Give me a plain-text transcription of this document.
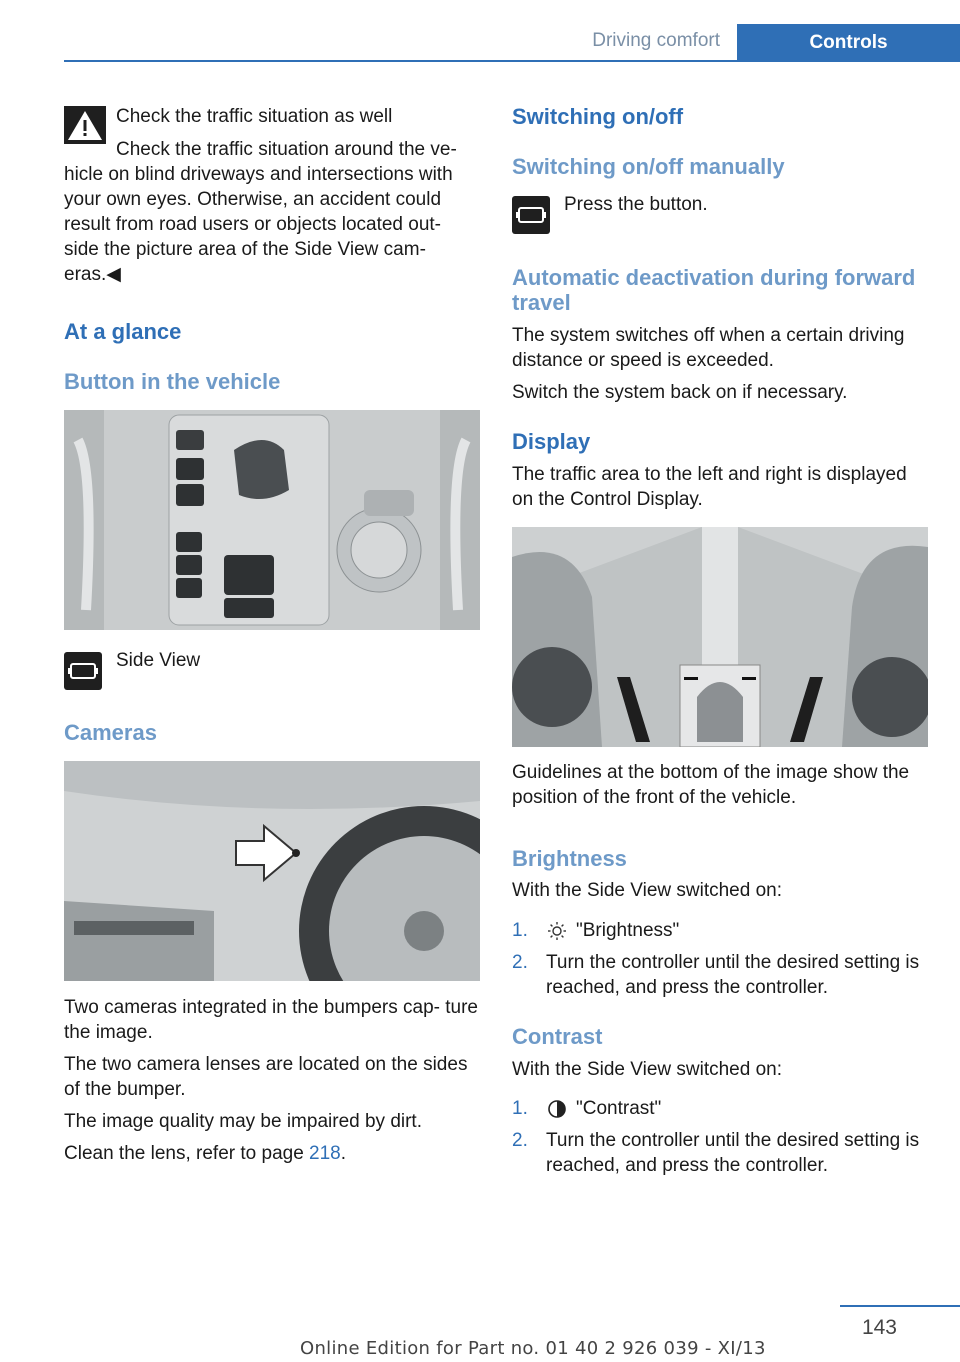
Driving comfort	Controls
Check the traffic situation as well
Check the traffic situation around the ve‐
hicle on blind driveways and intersections with your own eyes. Otherwise, an accident could result from road users or objects located out‐ side the picture area of the Side View cam‐ eras.◀
At a glance
Button in the vehicle
Side View
Cameras
Two cameras integrated in the bumpers cap‐ ture the image.
The two camera lenses are located on the sides of the bumper.
The image quality may be impaired by dirt.
Clean the lens, refer to page 218.
Switching on/off
Switching on/off manually
Press the button.
Automatic deactivation during forward travel
The system switches off when a certain driving distance or speed is exceeded.
Switch the system back on if necessary.
Display
The traffic area to the left and right is displayed on the Control Display.
Guidelines at the bottom of the image show the position of the front of the vehicle.
Brightness
With the Side View switched on:
1.	"Brightness"
2. Turn the controller until the desired setting is reached, and press the controller.
Contrast
With the Side View switched on:
1.	"Contrast"
2. Turn the controller until the desired setting is reached, and press the controller.
143
Online Edition for Part no. 01 40 2 926 039 - XI/13
